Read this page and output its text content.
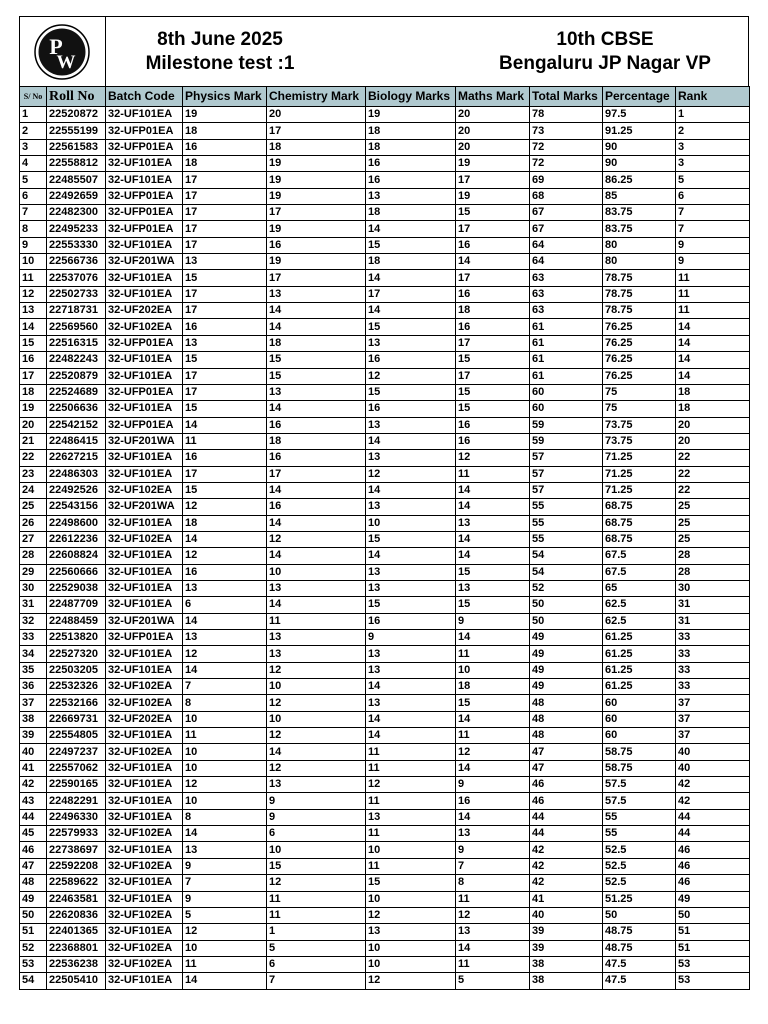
P
W
8th June 2025
Milestone test :1
10th CBSE
Bengaluru JP Nagar VP
S/ No	Roll No	Batch Code	Physics Mark	Chemistry Mark	Biology Marks	Maths Mark	Total Marks	Percentage	Rank
1	22520872	32-UF101EA	19	20	19	20	78	97.5	1
2	22555199	32-UFP01EA	18	17	18	20	73	91.25	2
3	22561583	32-UFP01EA	16	18	18	20	72	90	3
4	22558812	32-UF101EA	18	19	16	19	72	90	3
5	22485507	32-UF101EA	17	19	16	17	69	86.25	5
6	22492659	32-UFP01EA	17	19	13	19	68	85	6
7	22482300	32-UFP01EA	17	17	18	15	67	83.75	7
8	22495233	32-UFP01EA	17	19	14	17	67	83.75	7
9	22553330	32-UF101EA	17	16	15	16	64	80	9
10	22566736	32-UF201WA	13	19	18	14	64	80	9
11	22537076	32-UF101EA	15	17	14	17	63	78.75	11
12	22502733	32-UF101EA	17	13	17	16	63	78.75	11
13	22718731	32-UF202EA	17	14	14	18	63	78.75	11
14	22569560	32-UF102EA	16	14	15	16	61	76.25	14
15	22516315	32-UFP01EA	13	18	13	17	61	76.25	14
16	22482243	32-UF101EA	15	15	16	15	61	76.25	14
17	22520879	32-UF101EA	17	15	12	17	61	76.25	14
18	22524689	32-UFP01EA	17	13	15	15	60	75	18
19	22506636	32-UF101EA	15	14	16	15	60	75	18
20	22542152	32-UFP01EA	14	16	13	16	59	73.75	20
21	22486415	32-UF201WA	11	18	14	16	59	73.75	20
22	22627215	32-UF101EA	16	16	13	12	57	71.25	22
23	22486303	32-UF101EA	17	17	12	11	57	71.25	22
24	22492526	32-UF102EA	15	14	14	14	57	71.25	22
25	22543156	32-UF201WA	12	16	13	14	55	68.75	25
26	22498600	32-UF101EA	18	14	10	13	55	68.75	25
27	22612236	32-UF102EA	14	12	15	14	55	68.75	25
28	22608824	32-UF101EA	12	14	14	14	54	67.5	28
29	22560666	32-UF101EA	16	10	13	15	54	67.5	28
30	22529038	32-UF101EA	13	13	13	13	52	65	30
31	22487709	32-UF101EA	6	14	15	15	50	62.5	31
32	22488459	32-UF201WA	14	11	16	9	50	62.5	31
33	22513820	32-UFP01EA	13	13	9	14	49	61.25	33
34	22527320	32-UF101EA	12	13	13	11	49	61.25	33
35	22503205	32-UF101EA	14	12	13	10	49	61.25	33
36	22532326	32-UF102EA	7	10	14	18	49	61.25	33
37	22532166	32-UF102EA	8	12	13	15	48	60	37
38	22669731	32-UF202EA	10	10	14	14	48	60	37
39	22554805	32-UF101EA	11	12	14	11	48	60	37
40	22497237	32-UF102EA	10	14	11	12	47	58.75	40
41	22557062	32-UF101EA	10	12	11	14	47	58.75	40
42	22590165	32-UF101EA	12	13	12	9	46	57.5	42
43	22482291	32-UF101EA	10	9	11	16	46	57.5	42
44	22496330	32-UF101EA	8	9	13	14	44	55	44
45	22579933	32-UF102EA	14	6	11	13	44	55	44
46	22738697	32-UF101EA	13	10	10	9	42	52.5	46
47	22592208	32-UF102EA	9	15	11	7	42	52.5	46
48	22589622	32-UF101EA	7	12	15	8	42	52.5	46
49	22463581	32-UF101EA	9	11	10	11	41	51.25	49
50	22620836	32-UF102EA	5	11	12	12	40	50	50
51	22401365	32-UF101EA	12	1	13	13	39	48.75	51
52	22368801	32-UF102EA	10	5	10	14	39	48.75	51
53	22536238	32-UF102EA	11	6	10	11	38	47.5	53
54	22505410	32-UF101EA	14	7	12	5	38	47.5	53
